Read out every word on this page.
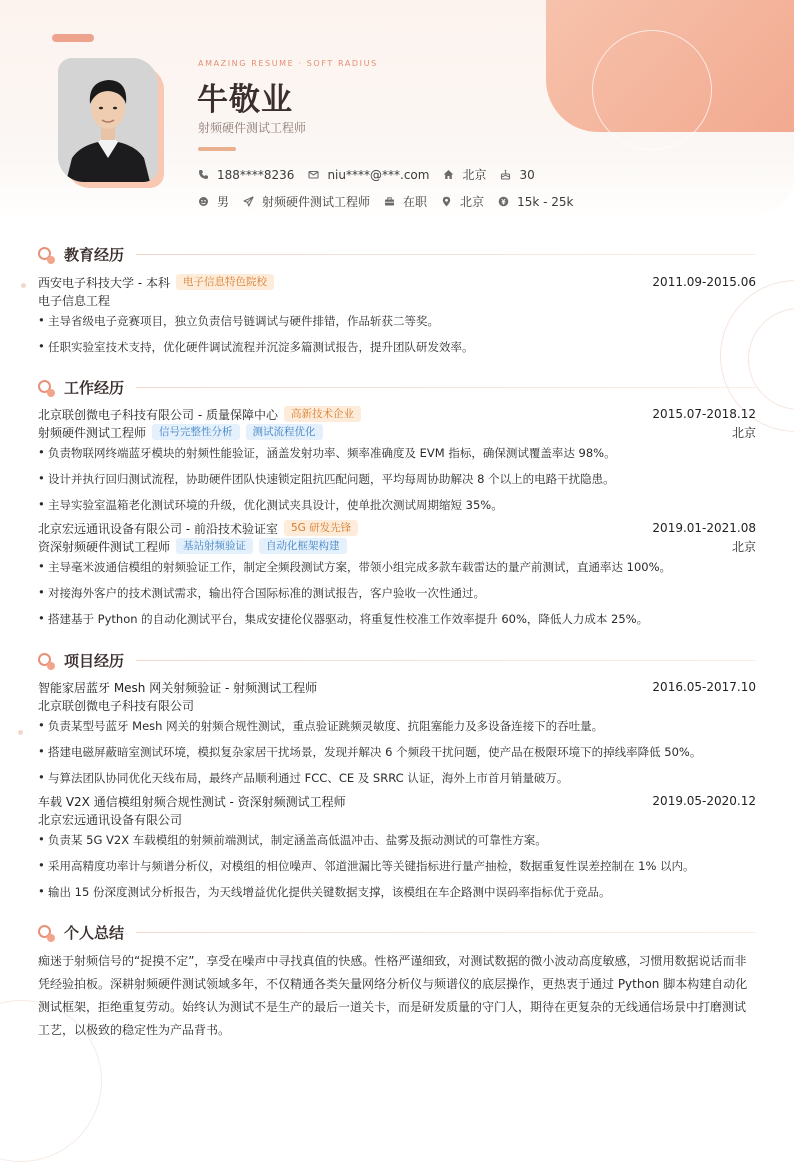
AMAZING RESUME · SOFT RADIUS
牛敬业
射频硬件测试工程师
188****8236	niu****@***.com	北京	30
男	射频硬件测试工程师	在职	北京	15k - 25k
教育经历
西安电子科技大学 - 本科	电子信息特色院校	2011.09-2015.06
电子信息工程
• 主导省级电子竞赛项目，独立负责信号链调试与硬件排错，作品斩获二等奖。
• 任职实验室技术支持，优化硬件调试流程并沉淀多篇测试报告，提升团队研发效率。
工作经历
北京联创微电子科技有限公司 - 质量保障中心	高新技术企业	2015.07-2018.12
射频硬件测试工程师	信号完整性分析	测试流程优化	北京
• 负责物联网终端蓝牙模块的射频性能验证，涵盖发射功率、频率准确度及 EVM 指标，确保测试覆盖率达 98%。
• 设计并执行回归测试流程，协助硬件团队快速锁定阻抗匹配问题，平均每周协助解决 8 个以上的电路干扰隐患。
• 主导实验室温箱老化测试环境的升级，优化测试夹具设计，使单批次测试周期缩短 35%。
北京宏远通讯设备有限公司 - 前沿技术验证室	5G 研发先锋	2019.01-2021.08
资深射频硬件测试工程师	基站射频验证	自动化框架构建	北京
• 主导毫米波通信模组的射频验证工作，制定全频段测试方案，带领小组完成多款车载雷达的量产前测试，直通率达 100%。
• 对接海外客户的技术测试需求，输出符合国际标准的测试报告，客户验收一次性通过。
• 搭建基于 Python 的自动化测试平台，集成安捷伦仪器驱动，将重复性校准工作效率提升 60%，降低人力成本 25%。
项目经历
智能家居蓝牙 Mesh 网关射频验证 - 射频测试工程师	2016.05-2017.10
北京联创微电子科技有限公司
• 负责某型号蓝牙 Mesh 网关的射频合规性测试，重点验证跳频灵敏度、抗阻塞能力及多设备连接下的吞吐量。
• 搭建电磁屏蔽暗室测试环境，模拟复杂家居干扰场景，发现并解决 6 个频段干扰问题，使产品在极限环境下的掉线率降低 50%。
• 与算法团队协同优化天线布局，最终产品顺利通过 FCC、CE 及 SRRC 认证，海外上市首月销量破万。
车载 V2X 通信模组射频合规性测试 - 资深射频测试工程师	2019.05-2020.12
北京宏远通讯设备有限公司
• 负责某 5G V2X 车载模组的射频前端测试，制定涵盖高低温冲击、盐雾及振动测试的可靠性方案。
• 采用高精度功率计与频谱分析仪，对模组的相位噪声、邻道泄漏比等关键指标进行量产抽检，数据重复性误差控制在 1% 以内。
• 输出 15 份深度测试分析报告，为天线增益优化提供关键数据支撑，该模组在车企路测中误码率指标优于竞品。
个人总结
痴迷于射频信号的“捉摸不定”，享受在噪声中寻找真值的快感。性格严谨细致，对测试数据的微小波动高度敏感，习惯用数据说话而非凭经验拍板。深耕射频硬件测试领域多年，不仅精通各类矢量网络分析仪与频谱仪的底层操作，更热衷于通过 Python 脚本构建自动化测试框架，拒绝重复劳动。始终认为测试不是生产的最后一道关卡，而是研发质量的守门人，期待在更复杂的无线通信场景中打磨测试工艺，以极致的稳定性为产品背书。
